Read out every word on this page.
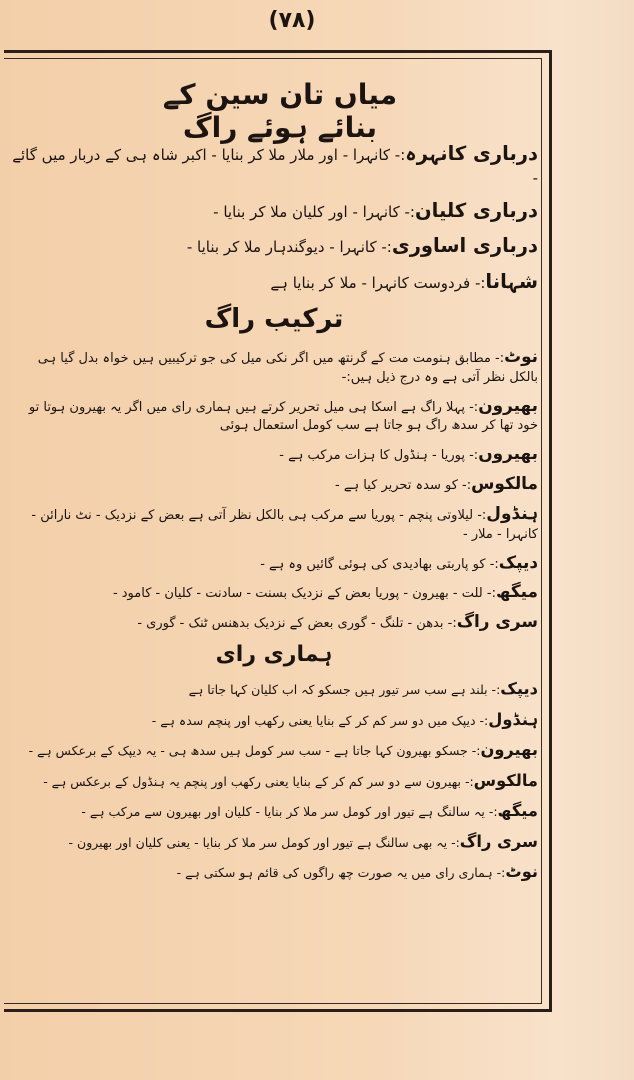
(۷۸)
میاں تان سین کے بنائے ہوئے راگ
درباری کانہرہ:- کانہرا - اور ملار ملا کر بنایا - اکبر شاہ ہی کے دربار میں گائے -
درباری کلیان:- کانہرا - اور کلیان ملا کر بنایا -
درباری اساوری:- کانہرا - دیوگندہار ملا کر بنایا -
شہانا:- فردوست کانہرا - ملا کر بنایا ہے
ترکیب راگ
نوٹ:- مطابق ہنومت مت کے گرنتھ میں اگر نکی میل کی جو ترکیبیں ہیں خواہ بدل گیا ہی بالکل نظر آتی ہے وہ درج ذیل ہیں:-
بھیرون:- پہلا راگ ہے اسکا ہی میل تحریر کرتے ہیں ہماری رای میں اگر یہ بھیرون ہوتا تو خود تھا کر سدھ راگ ہو جاتا ہے سب کومل استعمال ہوئی
بھیروں:- پوریا - ہنڈول کا ہزات مرکب ہے -
مالکوس:- کو سدہ تحریر کیا ہے -
ہنڈول:- لیلاوتی پنچم - پوریا سے مرکب ہی بالکل نظر آتی ہے بعض کے نزدیک - نٹ نارائن - کانہرا - ملار -
دیپک:- کو پاربتی بھادیدی کی ہوئی گائیں وہ ہے -
میگھ:- للت - بھیرون - پوریا بعض کے نزدیک بسنت - سادنت - کلیان - کامود -
سری راگ:- بدھن - تلنگ - گوری بعض کے نزدیک بدھنس ٹنک - گوری -
ہماری رای
دیپک:- بلند ہے سب سر تیور ہیں جسکو کہ اب کلیان کہا جاتا ہے
ہنڈول:- دیپک میں دو سر کم کر کے بنایا یعنی رکھب اور پنچم سدہ ہے -
بھیرون:- جسکو بھیرون کہا جاتا ہے - سب سر کومل ہیں سدھ ہی - یہ دیپک کے برعکس ہے -
مالکوس:- بھیرون سے دو سر کم کر کے بنایا یعنی رکھب اور پنچم یہ ہنڈول کے برعکس ہے -
میگھ:- یہ سالنگ ہے تیور اور کومل سر ملا کر بنایا - کلیان اور بھیرون سے مرکب ہے -
سری راگ:- یہ بھی سالنگ ہے تیور اور کومل سر ملا کر بنایا - یعنی کلیان اور بھیرون -
نوٹ:- ہماری رای میں یہ صورت چھ راگوں کی قائم ہو سکتی ہے -
